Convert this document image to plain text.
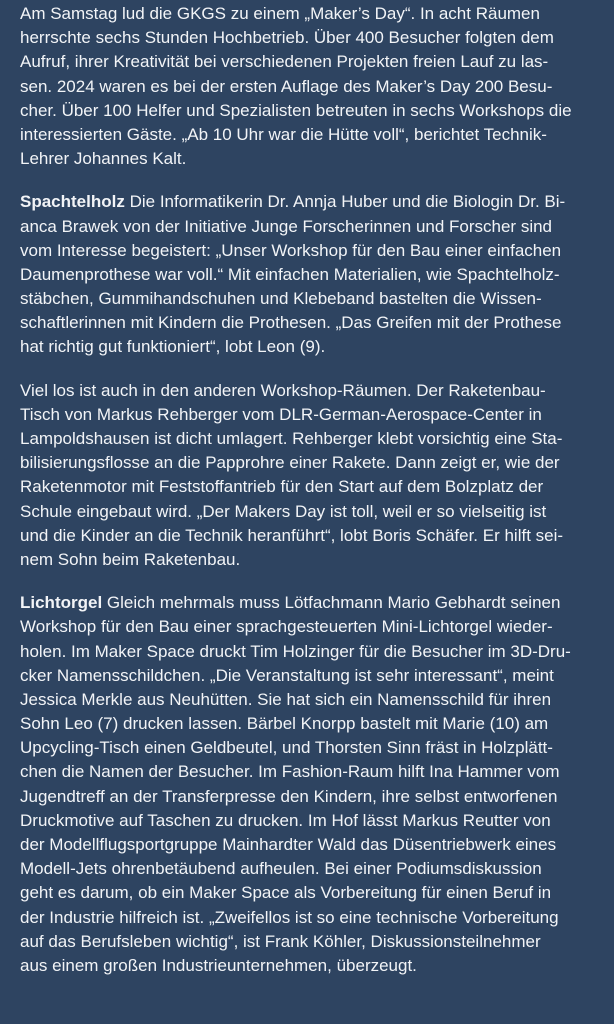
Am Samstag lud die GKGS zu einem „Maker’s Day“. In acht Räumen
herrschte sechs Stunden Hochbetrieb. Über 400 Besucher folgten dem
Aufruf, ihrer Kreativität bei verschiedenen Projekten freien Lauf zu las-
sen. 2024 waren es bei der ersten Auflage des Maker’s Day 200 Besu-
cher. Über 100 Helfer und Spezialisten betreuten in sechs Workshops die
interessierten Gäste. „Ab 10 Uhr war die Hütte voll“, berichtet Technik-
Lehrer Johannes Kalt.
Spachtelholz Die Informatikerin Dr. Annja Huber und die Biologin Dr. Bi-
anca Brawek von der Initiative Junge Forscherinnen und Forscher sind
vom Interesse begeistert: „Unser Workshop für den Bau einer einfachen
Daumenprothese war voll.“ Mit einfachen Materialien, wie Spachtelholz-
stäbchen, Gummihandschuhen und Klebeband bastelten die Wissen-
schaftlerinnen mit Kindern die Prothesen. „Das Greifen mit der Prothese
hat richtig gut funktioniert“, lobt Leon (9).
Viel los ist auch in den anderen Workshop-Räumen. Der Raketenbau-
Tisch von Markus Rehberger vom DLR-German-Aerospace-Center in
Lampoldshausen ist dicht umlagert. Rehberger klebt vorsichtig eine Sta-
bilisierungsflosse an die Papprohre einer Rakete. Dann zeigt er, wie der
Raketenmotor mit Feststoffantrieb für den Start auf dem Bolzplatz der
Schule eingebaut wird. „Der Makers Day ist toll, weil er so vielseitig ist
und die Kinder an die Technik heranführt“, lobt Boris Schäfer. Er hilft sei-
nem Sohn beim Raketenbau.
Lichtorgel Gleich mehrmals muss Lötfachmann Mario Gebhardt seinen
Workshop für den Bau einer sprachgesteuerten Mini-Lichtorgel wieder-
holen. Im Maker Space druckt Tim Holzinger für die Besucher im 3D-Dru-
cker Namensschildchen. „Die Veranstaltung ist sehr interessant“, meint
Jessica Merkle aus Neuhütten. Sie hat sich ein Namensschild für ihren
Sohn Leo (7) drucken lassen. Bärbel Knorpp bastelt mit Marie (10) am
Upcycling-Tisch einen Geldbeutel, und Thorsten Sinn fräst in Holzplätt-
chen die Namen der Besucher. Im Fashion-Raum hilft Ina Hammer vom
Jugendtreff an der Transferpresse den Kindern, ihre selbst entworfenen
Druckmotive auf Taschen zu drucken. Im Hof lässt Markus Reutter von
der Modellflugsportgruppe Mainhardter Wald das Düsentriebwerk eines
Modell-Jets ohrenbetäubend aufheulen. Bei einer Podiumsdiskussion
geht es darum, ob ein Maker Space als Vorbereitung für einen Beruf in
der Industrie hilfreich ist. „Zweifellos ist so eine technische Vorbereitung
auf das Berufsleben wichtig“, ist Frank Köhler, Diskussionsteilnehmer
aus einem großen Industrieunternehmen, überzeugt.
